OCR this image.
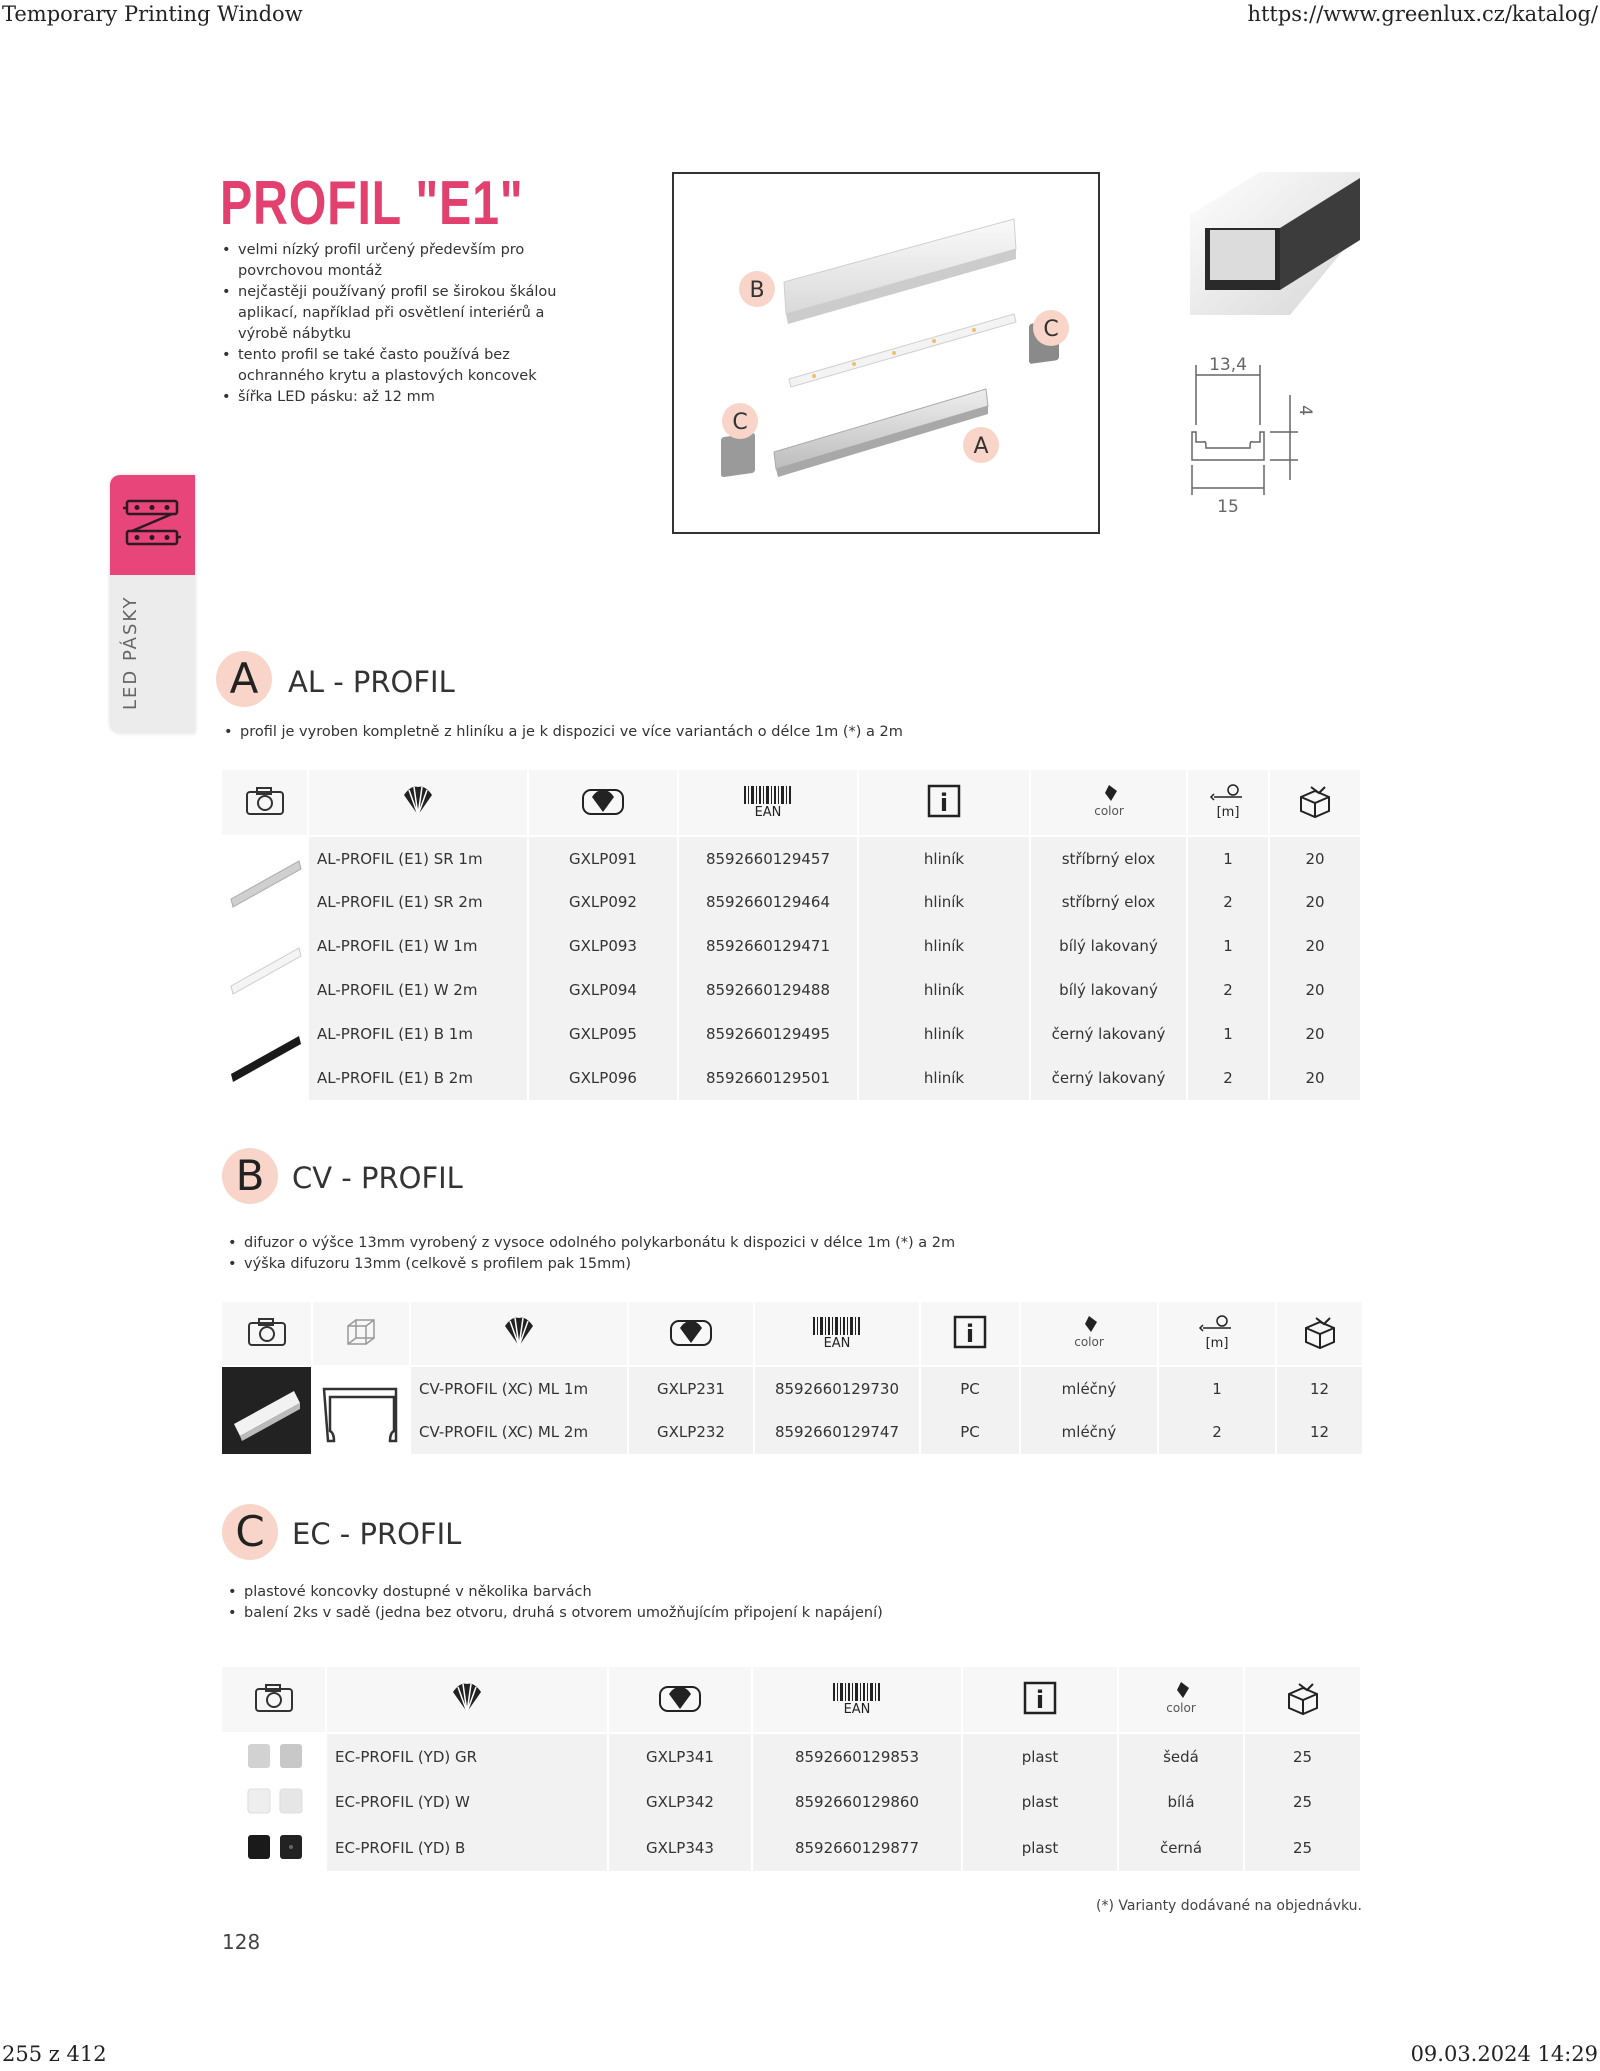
Temporary Printing Window	https://www.greenlux.cz/katalog/
255 z 412	09.03.2024 14:29
LED PÁSKY
PROFIL "E1"
• velmi nízký profil určený především pro povrchovou montáž
• nejčastěji používaný profil se širokou škálou aplikací, například při osvětlení interiérů a výrobě nábytku
• tento profil se také často používá bez ochranného krytu a plastových koncovek
• šířka LED pásku: až 12 mm
B
C
C
A
13,4
4
15
A	AL - PROFIL
• profil je vyroben kompletně z hliníku a je k dispozici ve více variantách o délce 1m (*) a 2m

EAN	i	color	[m]

	AL-PROFIL (E1) SR 1m	GXLP091	8592660129457	hliník	stříbrný elox	1	20
	AL-PROFIL (E1) SR 2m	GXLP092	8592660129464	hliník	stříbrný elox	2	20
	AL-PROFIL (E1) W 1m	GXLP093	8592660129471	hliník	bílý lakovaný	1	20
	AL-PROFIL (E1) W 2m	GXLP094	8592660129488	hliník	bílý lakovaný	2	20
	AL-PROFIL (E1) B 1m	GXLP095	8592660129495	hliník	černý lakovaný	1	20
	AL-PROFIL (E1) B 2m	GXLP096	8592660129501	hliník	černý lakovaný	2	20
B CV - PROFIL
• difuzor o výšce 13mm vyrobený z vysoce odolného polykarbonátu k dispozici v délce 1m (*) a 2m
• výška difuzoru 13mm (celkově s profilem pak 15mm)

EAN	i	color	[m]

		CV-PROFIL (XC) ML 1m	GXLP231	8592660129730	PC	mléčný	1	12
		CV-PROFIL (XC) ML 2m	GXLP232	8592660129747	PC	mléčný	2	12
C EC - PROFIL
• plastové koncovky dostupné v několika barvách
• balení 2ks v sadě (jedna bez otvoru, druhá s otvorem umožňujícím připojení k napájení)

EAN	i	color

	EC-PROFIL (YD) GR	GXLP341	8592660129853	plast	šedá	25
	EC-PROFIL (YD) W	GXLP342	8592660129860	plast	bílá	25
	EC-PROFIL (YD) B	GXLP343	8592660129877	plast	černá	25
(*) Varianty dodávané na objednávku.
128
